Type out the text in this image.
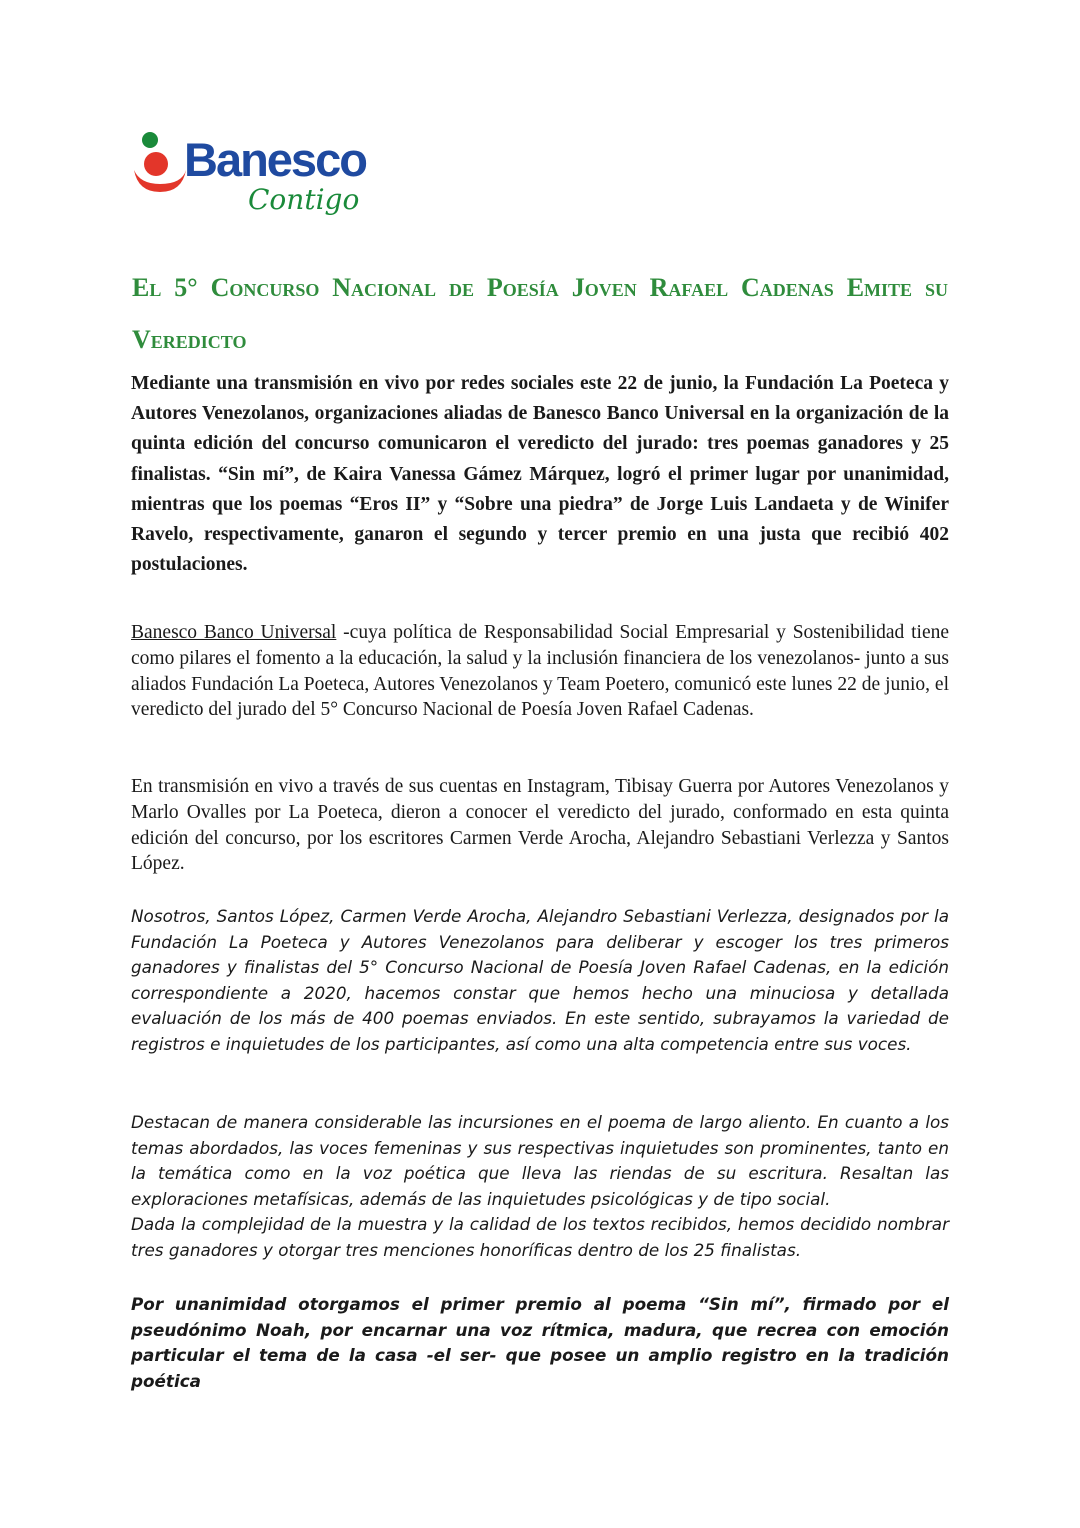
Banesco
Contigo
El 5° Concurso Nacional de Poesía Joven Rafael Cadenas Emite su Veredicto

Mediante una transmisión en vivo por redes sociales este 22 de junio, la Fundación La Poeteca y Autores Venezolanos, organizaciones aliadas de Banesco Banco Universal en la organización de la quinta edición del concurso comunicaron el veredicto del jurado: tres poemas ganadores y 25 finalistas. “Sin mí”, de Kaira Vanessa Gámez Márquez, logró el primer lugar por unanimidad, mientras que los poemas “Eros II” y “Sobre una piedra” de Jorge Luis Landaeta y de Winifer Ravelo, respectivamente, ganaron el segundo y tercer premio en una justa que recibió 402 postulaciones.

Banesco Banco Universal -cuya política de Responsabilidad Social Empresarial y Sostenibilidad tiene como pilares el fomento a la educación, la salud y la inclusión financiera de los venezolanos- junto a sus aliados Fundación La Poeteca, Autores Venezolanos y Team Poetero, comunicó este lunes 22 de junio, el veredicto del jurado del 5° Concurso Nacional de Poesía Joven Rafael Cadenas.

En transmisión en vivo a través de sus cuentas en Instagram, Tibisay Guerra por Autores Venezolanos y Marlo Ovalles por La Poeteca, dieron a conocer el veredicto del jurado, conformado en esta quinta edición del concurso, por los escritores Carmen Verde Arocha, Alejandro Sebastiani Verlezza y Santos López.

Nosotros, Santos López, Carmen Verde Arocha, Alejandro Sebastiani Verlezza, designados por la Fundación La Poeteca y Autores Venezolanos para deliberar y escoger los tres primeros ganadores y finalistas del 5° Concurso Nacional de Poesía Joven Rafael Cadenas, en la edición correspondiente a 2020, hacemos constar que hemos hecho una minuciosa y detallada evaluación de los más de 400 poemas enviados. En este sentido, subrayamos la variedad de registros e inquietudes de los participantes, así como una alta competencia entre sus voces.

Destacan de manera considerable las incursiones en el poema de largo aliento. En cuanto a los temas abordados, las voces femeninas y sus respectivas inquietudes son prominentes, tanto en la temática como en la voz poética que lleva las riendas de su escritura. Resaltan las exploraciones metafísicas, además de las inquietudes psicológicas y de tipo social.
Dada la complejidad de la muestra y la calidad de los textos recibidos, hemos decidido nombrar tres ganadores y otorgar tres menciones honoríficas dentro de los 25 finalistas.

Por unanimidad otorgamos el primer premio al poema “Sin mí”, firmado por el pseudónimo Noah, por encarnar una voz rítmica, madura, que recrea con emoción particular el tema de la casa -el ser- que posee un amplio registro en la tradición poética
